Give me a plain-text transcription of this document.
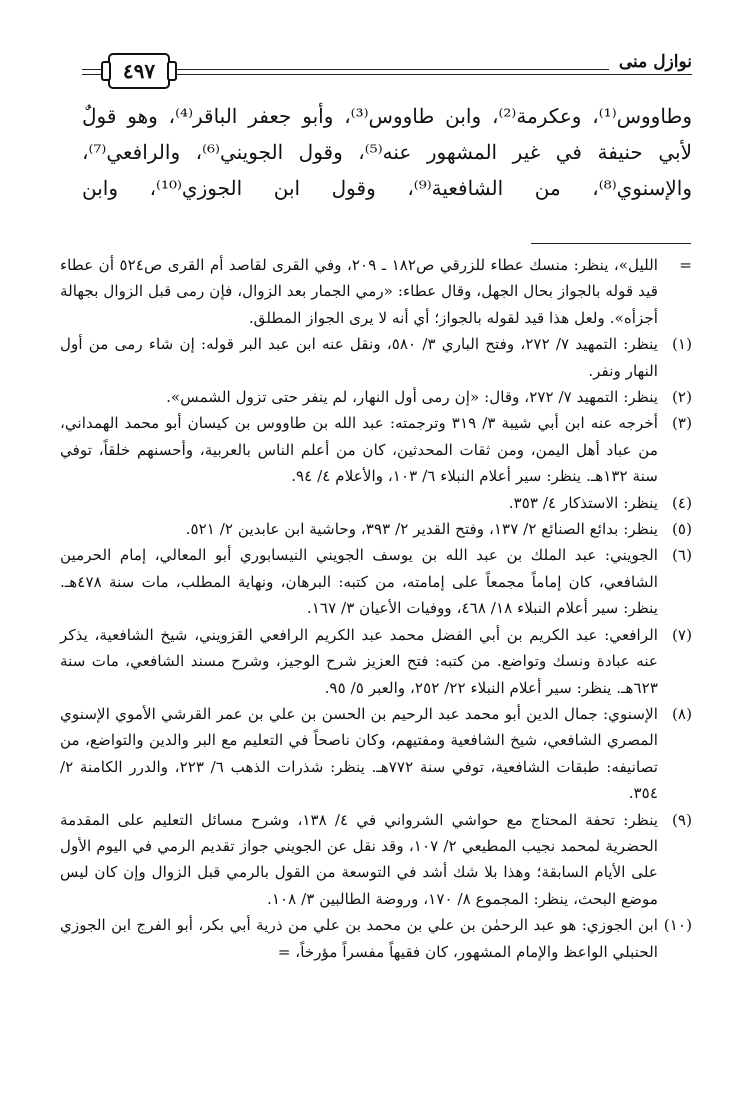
نوازل منى
٤٩٧

وطاووس⁽¹⁾، وعكرمة⁽²⁾، وابن طاووس⁽³⁾، وأبو جعفر الباقر⁽⁴⁾، وهو قولٌ

لأبي حنيفة في غير المشهور عنه⁽⁵⁾، وقول الجويني⁽⁶⁾، والرافعي⁽⁷⁾،

والإسنوي⁽⁸⁾، من الشافعية⁽⁹⁾، وقول ابن الجوزي⁽¹⁰⁾، وابن

=
الليل»، ينظر: منسك عطاء للزرقي ص١٨٢ ـ ٢٠٩، وفي القرى لقاصد أم القرى ص٥٢٤ أن عطاء قيد قوله بالجواز بحال الجهل، وقال عطاء: «رمي الجمار بعد الزوال، فإن رمى قبل الزوال بجهالة أجزأه». ولعل هذا قيد لقوله بالجواز؛ أي أنه لا يرى الجواز المطلق.
(١)
ينظر: التمهيد ٧/ ٢٧٢، وفتح الباري ٣/ ٥٨٠، ونقل عنه ابن عبد البر قوله: إن شاء رمى من أول النهار ونفر.
(٢)
ينظر: التمهيد ٧/ ٢٧٢، وقال: «إن رمى أول النهار، لم ينفر حتى تزول الشمس».
(٣)
أخرجه عنه ابن أبي شيبة ٣/ ٣١٩ وترجمته: عبد الله بن طاووس بن كيسان أبو محمد الهمداني، من عباد أهل اليمن، ومن ثقات المحدثين، كان من أعلم الناس بالعربية، وأحسنهم خلقاً، توفي سنة ١٣٢هـ. ينظر: سير أعلام النبلاء ٦/ ١٠٣، والأعلام ٤/ ٩٤.
(٤)
ينظر: الاستذكار ٤/ ٣٥٣.
(٥)
ينظر: بدائع الصنائع ٢/ ١٣٧، وفتح القدير ٢/ ٣٩٣، وحاشية ابن عابدين ٢/ ٥٢١.
(٦)
الجويني: عبد الملك بن عبد الله بن يوسف الجويني النيسابوري أبو المعالي، إمام الحرمين الشافعي، كان إماماً مجمعاً على إمامته، من كتبه: البرهان، ونهاية المطلب، مات سنة ٤٧٨هـ. ينظر: سير أعلام النبلاء ١٨/ ٤٦٨، ووفيات الأعيان ٣/ ١٦٧.
(٧)
الرافعي: عبد الكريم بن أبي الفضل محمد عبد الكريم الرافعي القزويني، شيخ الشافعية، يذكر عنه عبادة ونسك وتواضع. من كتبه: فتح العزيز شرح الوجيز، وشرح مسند الشافعي، مات سنة ٦٢٣هـ. ينظر: سير أعلام النبلاء ٢٢/ ٢٥٢، والعبر ٥/ ٩٥.
(٨)
الإسنوي: جمال الدين أبو محمد عبد الرحيم بن الحسن بن علي بن عمر القرشي الأموي الإسنوي المصري الشافعي، شيخ الشافعية ومفتيهم، وكان ناصحاً في التعليم مع البر والدين والتواضع، من تصانيفه: طبقات الشافعية، توفي سنة ٧٧٢هـ. ينظر: شذرات الذهب ٦/ ٢٢٣، والدرر الكامنة ٢/ ٣٥٤.
(٩)
ينظر: تحفة المحتاج مع حواشي الشرواني في ٤/ ١٣٨، وشرح مسائل التعليم على المقدمة الحضرية لمحمد نجيب المطيعي ٢/ ١٠٧، وقد نقل عن الجويني جواز تقديم الرمي في اليوم الأول على الأيام السابقة؛ وهذا بلا شك أشد في التوسعة من القول بالرمي قبل الزوال وإن كان ليس موضع البحث، ينظر: المجموع ٨/ ١٧٠، وروضة الطالبين ٣/ ١٠٨.
(١٠)
ابن الجوزي: هو عبد الرحمٰن بن علي بن محمد بن علي من ذرية أبي بكر، أبو الفرج ابن الجوزي الحنبلي الواعظ والإمام المشهور، كان فقيهاً مفسراً مؤرخاً، =
